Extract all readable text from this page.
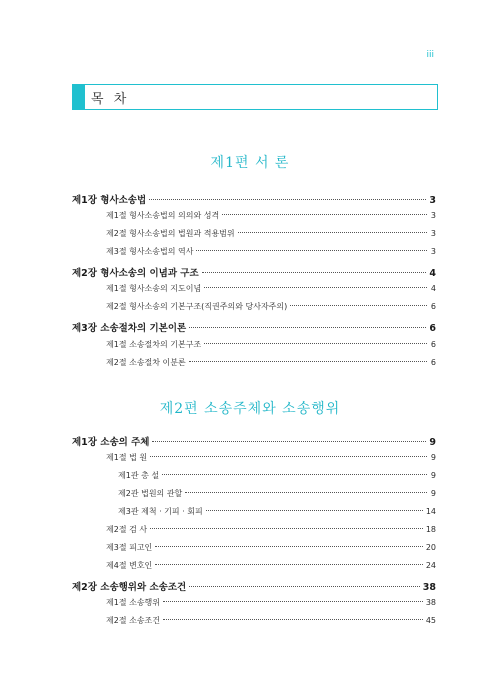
iii
목 차
제1편 서 론
제1장 형사소송법	3
제1절 형사소송법의 의의와 성격	3
제2절 형사소송법의 법원과 적용범위	3
제3절 형사소송법의 역사	3
제2장 형사소송의 이념과 구조	4
제1절 형사소송의 지도이념	4
제2절 형사소송의 기본구조(직권주의와 당사자주의)	6
제3장 소송절차의 기본이론	6
제1절 소송절차의 기본구조	6
제2절 소송절차 이분론	6
제2편 소송주체와 소송행위
제1장 소송의 주체	9
제1절 법 원	9
제1관 총 설	9
제2관 법원의 관할	9
제3관 제척 · 기피 · 회피	14
제2절 검 사	18
제3절 피고인	20
제4절 변호인	24
제2장 소송행위와 소송조건	38
제1절 소송행위	38
제2절 소송조건	45
